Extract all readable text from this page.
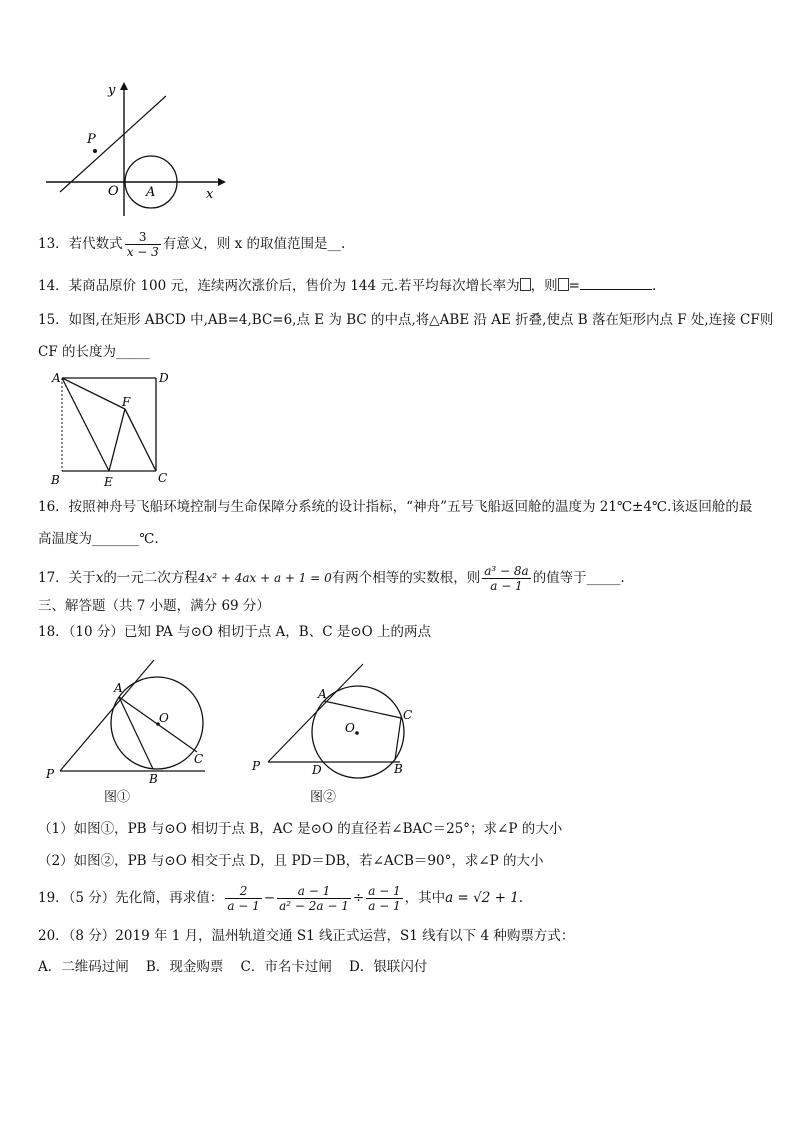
y
x
O A
P
13．若代数式 $\frac{3}{x - 3}$ 有意义，则 x 的取值范围是__.
14．某商品原价 100 元，连续两次涨价后，售价为 144 元.若平均每次增长率为 ，则 =	.
15．如图,在矩形 ABCD 中,AB=4,BC=6,点 E 为 BC 的中点,将△ABE 沿 AE 折叠,使点 B 落在矩形内点 F 处,连接 CF则
CF 的长度为_____
A	D
F
B	E	C
16．按照神舟号飞船环境控制与生命保障分系统的设计指标，“神舟”五号飞船返回舱的温度为 21℃±4℃.该返回舱的最
高温度为_______℃.
17．关于x的一元二次方程4x² + 4ax + a + 1 = 0有两个相等的实数根，则 $\frac{\text{a³ − 8a}}{a - 1}$ 的值等于_____.
三、解答题（共 7 小题，满分 69 分）
18．（10 分）已知 PA 与⊙O 相切于点 A，B、C 是⊙O 上的两点
A
O
C
B
P
图①
A
O
C
B
D
P
图②
（1）如图①，PB 与⊙O 相切于点 B，AC 是⊙O 的直径若∠BAC＝25°；求∠P 的大小
（2）如图②，PB 与⊙O 相交于点 D，且 PD＝DB，若∠ACB＝90°，求∠P 的大小
19．（5 分）先化简，再求值： $\frac{2}{a - 1} - \frac{a - 1}{\text{a² − 2a − 1}} \div \frac{a - 1}{a - 1}$ ，其中a = √2 + 1.
20．（8 分）2019 年 1 月，温州轨道交通 S1 线正式运营，S1 线有以下 4 种购票方式：
A．二维码过闸    B．现金购票    C．市名卡过闸    D．银联闪付
